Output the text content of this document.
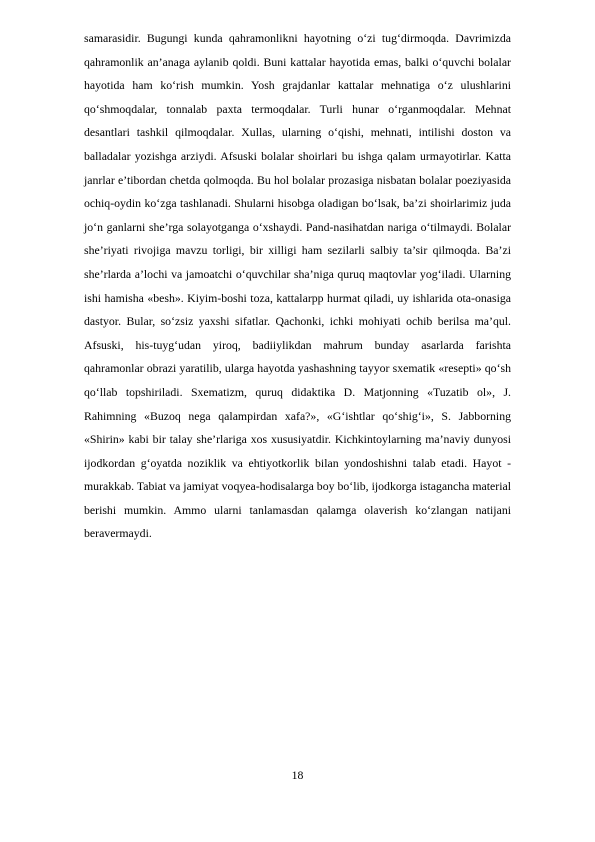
samarasidir. Bugungi kunda qahramonlikni hayotning o‘zi tug‘dirmoqda. Davrimizda qahramonlik an’anaga aylanib qoldi. Buni kattalar hayotida emas, balki o‘quvchi bolalar hayotida ham ko‘rish mumkin. Yosh grajdanlar kattalar mehnatiga o‘z ulushlarini qo‘shmoqdalar, tonnalab paxta termoqdalar. Turli hunar o‘rganmoqdalar. Mehnat desantlari tashkil qilmoqdalar. Xullas, ularning o‘qishi, mehnati, intilishi doston va balladalar yozishga arziydi. Afsuski bolalar shoirlari bu ishga qalam urmayotirlar. Katta janrlar e’tibordan chetda qolmoqda. Bu hol bolalar prozasiga nisbatan bolalar poeziyasida ochiq-oydin ko‘zga tashlanadi. Shularni hisobga oladigan bo‘lsak, ba’zi shoirlarimiz juda jo‘n ganlarni she’rga solayotganga o‘xshaydi. Pand-nasihatdan nariga o‘tilmaydi. Bolalar she’riyati rivojiga mavzu torligi, bir xilligi ham sezilarli salbiy ta’sir qilmoqda. Ba’zi she’rlarda a’lochi va jamoatchi o‘quvchilar sha’niga quruq maqtovlar yog‘iladi. Ularning ishi hamisha «besh». Kiyim-boshi toza, kattalarpp hurmat qiladi, uy ishlarida ota-onasiga dastyor. Bular, so‘zsiz yaxshi sifatlar. Qachonki, ichki mohiyati ochib berilsa ma’qul. Afsuski, his-tuyg‘udan yiroq, badiiylikdan mahrum bunday asarlarda farishta qahramonlar obrazi yaratilib, ularga hayotda yashashning tayyor sxematik «resepti» qo‘sh qo‘llab topshiriladi. Sxematizm, quruq didaktika D. Matjonning «Tuzatib ol», J. Rahimning «Buzoq nega qalampirdan xafa?», «G‘ishtlar qo‘shig‘i», S. Jabborning «Shirin» kabi bir talay she’rlariga xos xususiyatdir. Kichkintoylarning ma’naviy dunyosi ijodkordan g‘oyatda noziklik va ehtiyotkorlik bilan yondoshishni talab etadi. Hayot - murakkab. Tabiat va jamiyat voqyea-hodisalarga boy bo‘lib, ijodkorga istagancha material berishi mumkin. Ammo ularni tanlamasdan qalamga olaverish ko‘zlangan natijani beravermaydi.

18
